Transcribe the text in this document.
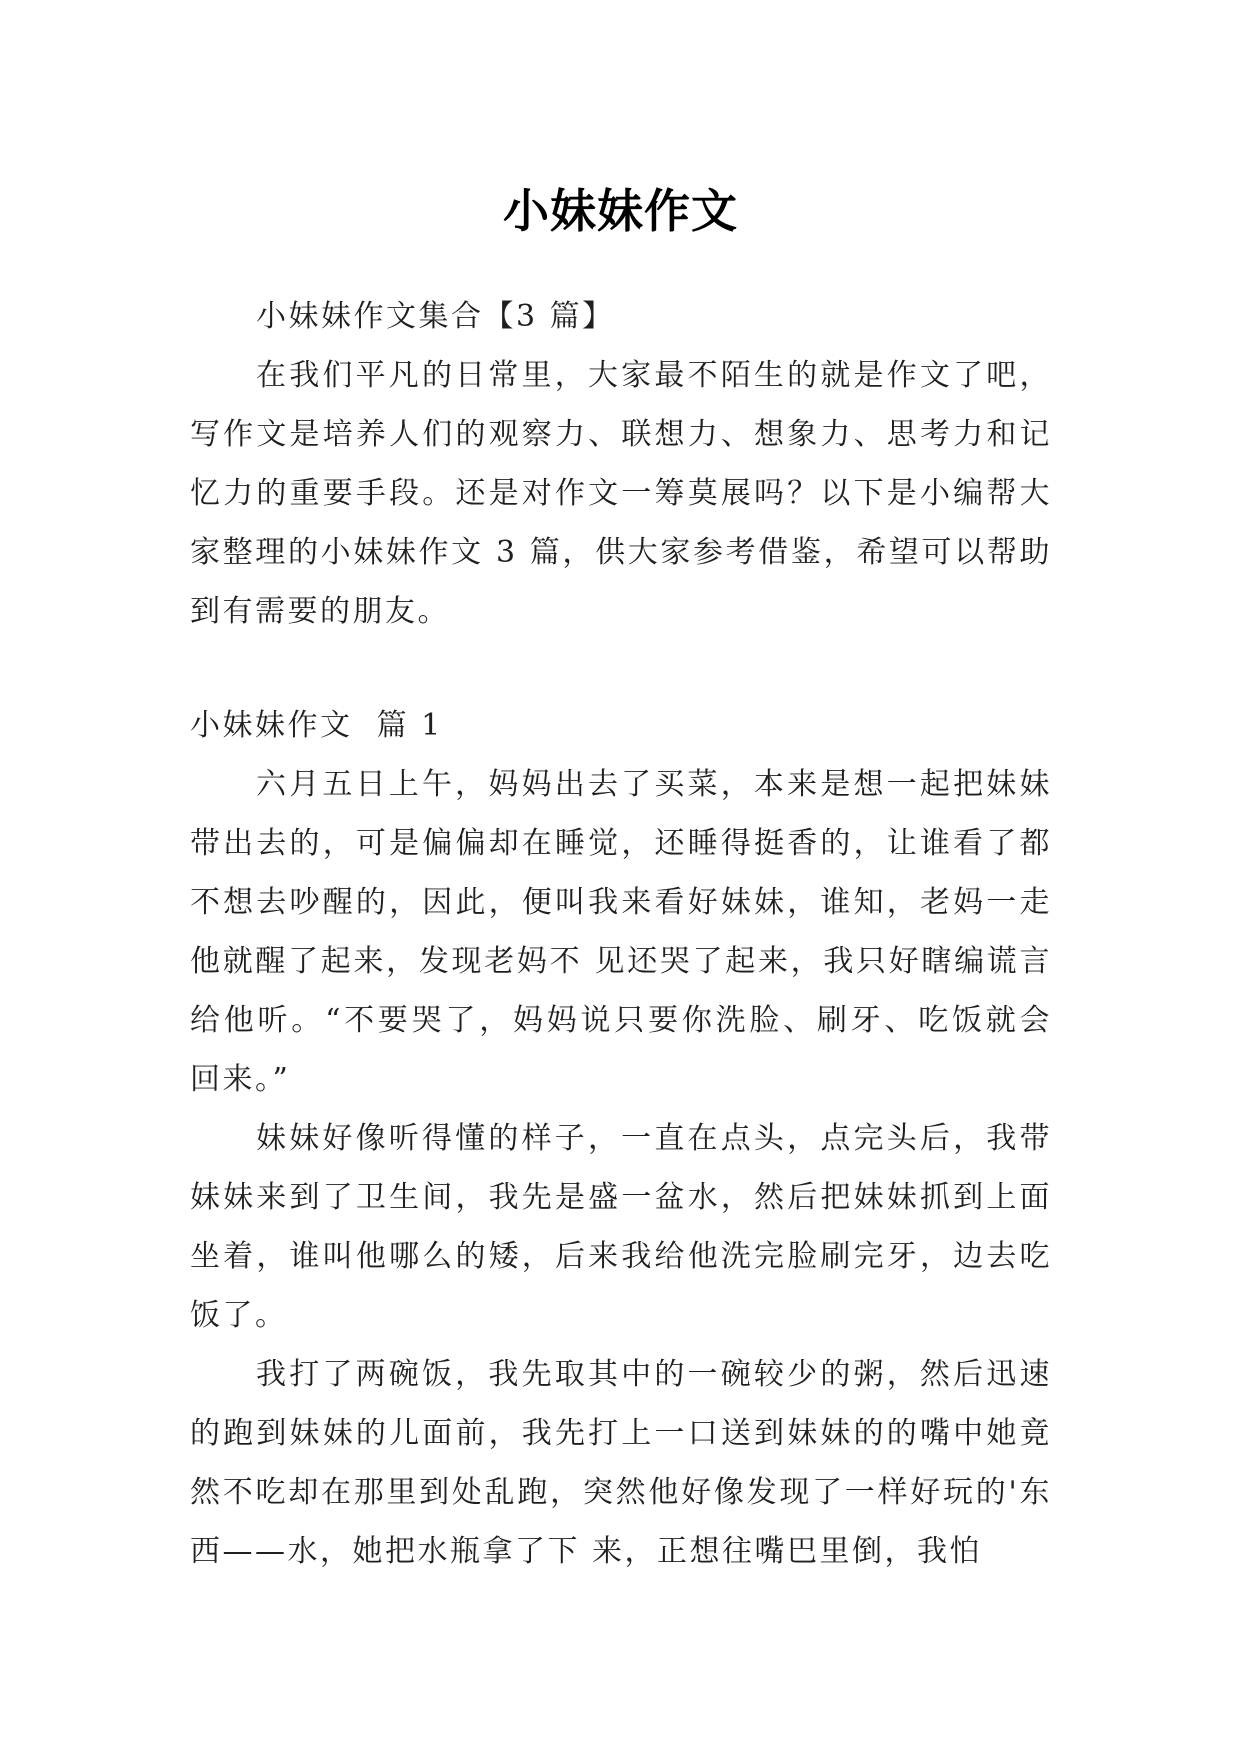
小妹妹作文

小妹妹作文集合【3 篇】

在我们平凡的日常里，大家最不陌生的就是作文了吧，写作文是培养人们的观察力、联想力、想象力、思考力和记忆力的重要手段。还是对作文一筹莫展吗？以下是小编帮大家整理的小妹妹作文 3 篇，供大家参考借鉴，希望可以帮助到有需要的朋友。

小妹妹作文  篇 1

六月五日上午，妈妈出去了买菜，本来是想一起把妹妹带出去的，可是偏偏却在睡觉，还睡得挺香的，让谁看了都不想去吵醒的，因此，便叫我来看好妹妹，谁知，老妈一走他就醒了起来，发现老妈不 见还哭了起来，我只好瞎编谎言给他听。“不要哭了，妈妈说只要你洗脸、刷牙、吃饭就会回来。”

妹妹好像听得懂的样子，一直在点头，点完头后，我带妹妹来到了卫生间，我先是盛一盆水，然后把妹妹抓到上面坐着，谁叫他哪么的矮，后来我给他洗完脸刷完牙，边去吃饭了。

我打了两碗饭，我先取其中的一碗较少的粥，然后迅速的跑到妹妹的儿面前，我先打上一口送到妹妹的的嘴中她竟然不吃却在那里到处乱跑，突然他好像发现了一样好玩的'东西——水，她把水瓶拿了下 来，正想往嘴巴里倒，我怕
